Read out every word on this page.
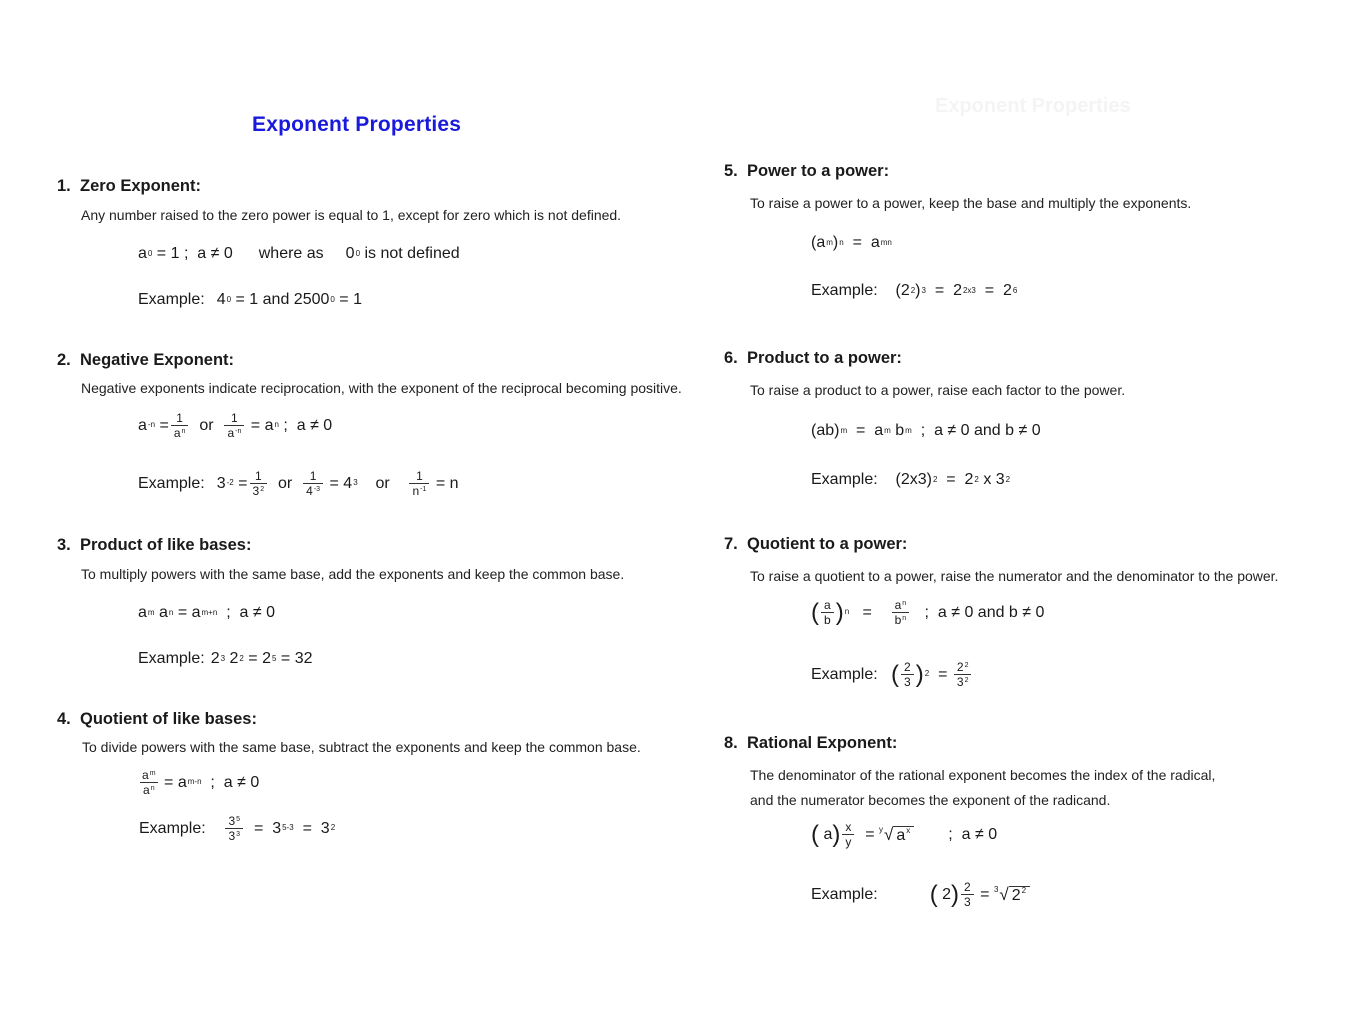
Exponent Properties
Exponent Properties
1. Zero Exponent:
Any number raised to the zero power is equal to 1, except for zero which is not defined.
$a^0 = 1$ ;  a ≠ 0 where as $0^0$
is not defined
Example: $4^0 = 1$ and $2500^0 = 1$
2. Negative Exponent:
Negative exponents indicate reciprocation, with the exponent of the reciprocal becoming positive.
$a^{-n} = \frac{1}{a^n}$
or
$\frac{1}{a^{-n}} = a^n$ ;  a ≠ 0
Example: $3^{-2} = \frac{1}{3^2}$
or
$\frac{1}{4^{-3}} = 4^3$
or
$\frac{1}{n^{-1}} = n$
3. Product of like bases:
To multiply powers with the same base, add the exponents and keep the common base.
$a^m$ $a^n = a^{m+n}$ ;  a ≠ 0
Example: $2^3$ $2^2 = 2^5 = 32$
4. Quotient of like bases:
To divide powers with the same base, subtract the exponents and keep the common base.
$\frac{a^m}{a^n} = a^{m-n}$ ;  a ≠ 0
Example:
$\frac{3^5}{3^3} = 3^{5-3} = 3^2$
5. Power to a power:
To raise a power to a power, keep the base and multiply the exponents.
($a^m$ )$^n = a^{mn}$
Example: ($2^2$ )$^3 = 2^{2x3} = 2^6$
6. Product to a power:
To raise a product to a power, raise each factor to the power.
$(ab)^m = a^m$ $b^m$ ;  a ≠ 0 and b ≠ 0
Example: $(2x3)^2 = 2^2$ x $3^2$
7. Quotient to a power:
To raise a quotient to a power, raise the numerator and the denominator to the power.
( $\frac{a}{b} )^n = \frac{a^n}{b^n}$ ;  a ≠ 0 and b ≠ 0
Example:
( $\frac{2}{3} )^2 = \frac{2^2}{3^2}$
8. Rational Exponent:
The denominator of the rational exponent becomes the index of the radical,
and the numerator becomes the exponent of the radicand.
( a ) $\frac{x}{y} = y$ √ $a^x$ ;  a ≠ 0
Example: ( 2 ) $\frac{2}{3} = 3$ √ $2^2$
